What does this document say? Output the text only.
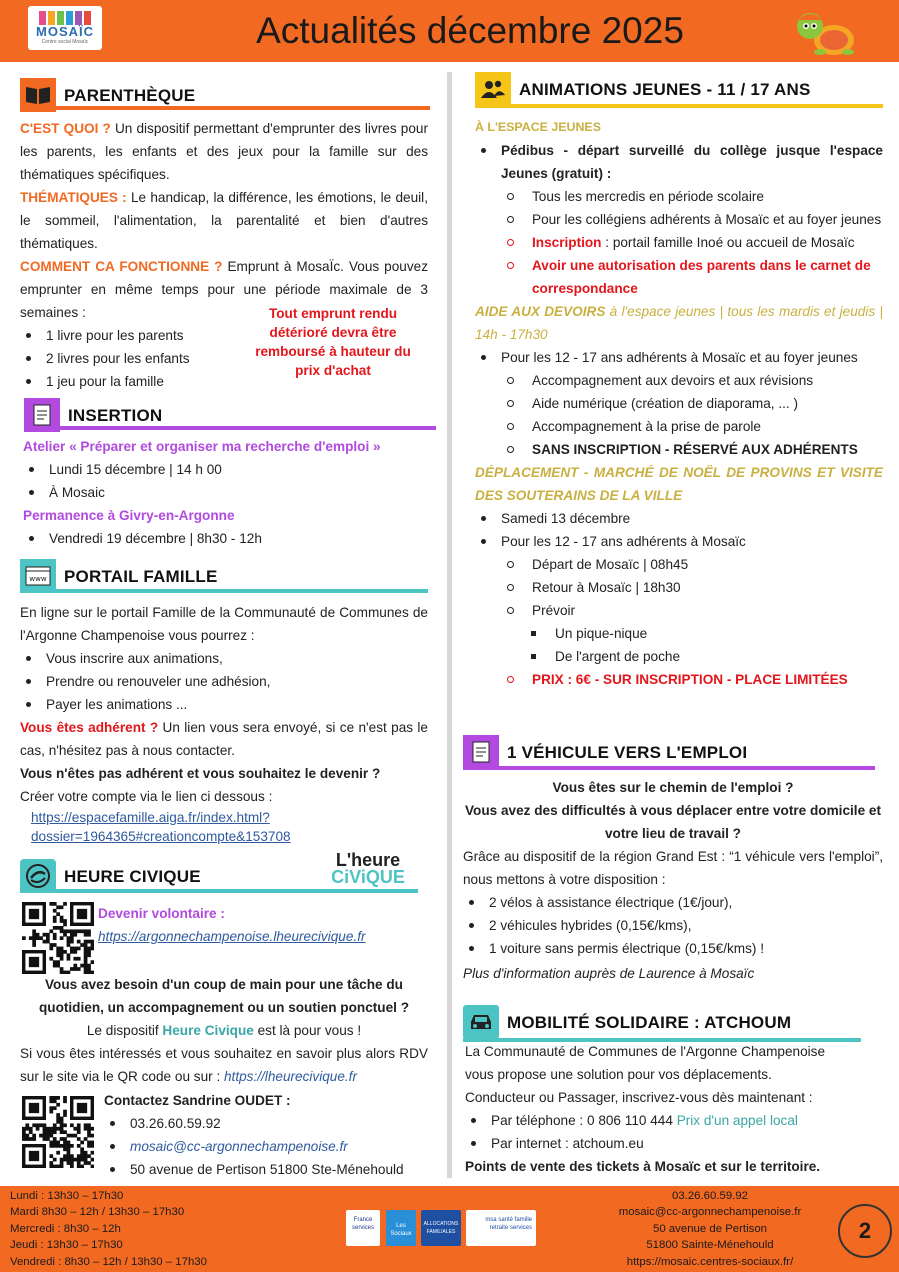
MOSAÏC
Centre social Mosaïc	Actualités décembre 2025
PARENTHÈQUE

C'EST QUOI ? Un dispositif permettant d'emprunter des livres pour les parents, les enfants et des jeux pour la famille sur des thématiques spécifiques.

THÉMATIQUES : Le handicap, la différence, les émotions, le deuil, le sommeil, l'alimentation, la parentalité et bien d'autres thématiques.

COMMENT CA FONCTIONNE ? Emprunt à MosaÏc. Vous pouvez emprunter en même temps pour une période maximale de 3 semaines :

1 livre pour les parents
2 livres pour les enfants
1 jeu pour la famille
Tout emprunt rendu détérioré devra être remboursé à hauteur du prix d'achat
INSERTION

Atelier « Préparer et organiser ma recherche d'emploi »

Lundi 15 décembre | 14 h 00
À Mosaic

Permanence à Givry-en-Argonne

Vendredi 19 décembre | 8h30 - 12h
www PORTAIL FAMILLE

En ligne sur le portail Famille de la Communauté de Communes de l'Argonne Champenoise vous pourrez :

Vous inscrire aux animations,
Prendre ou renouveler une adhésion,
Payer les animations ...

Vous êtes adhérent ? Un lien vous sera envoyé, si ce n'est pas le cas, n'hésitez pas à nous contacter.

Vous n'êtes pas adhérent et vous souhaitez le devenir ?

Créer votre compte via le lien ci dessous :

https://espacefamille.aiga.fr/index.html?
dossier=1964365#creationcompte&153708
HEURE CIVIQUE
L'heure
CiViQUE

Devenir volontaire :

https://argonnechampenoise.lheurecivique.fr

Vous avez besoin d'un coup de main pour une tâche du quotidien, un accompagnement ou un soutien ponctuel ?

Le dispositif Heure Civique est là pour vous !

Si vous êtes intéressés et vous souhaitez en savoir plus alors RDV sur le site via le QR code ou sur : https://lheurecivique.fr

Contactez Sandrine OUDET :

03.26.60.59.92
mosaic@cc-argonnechampenoise.fr
50 avenue de Pertison 51800 Ste-Ménehould
ANIMATIONS JEUNES - 11 / 17 ANS

À L'ESPACE JEUNES

Pédibus - départ surveillé du collège jusque l'espace Jeunes (gratuit) :
Tous les mercredis en période scolaire
Pour les collégiens adhérents à Mosaïc et au foyer jeunes
Inscription : portail famille Inoé ou accueil de Mosaïc
Avoir une autorisation des parents dans le carnet de correspondance

AIDE AUX DEVOIRS à l'espace jeunes | tous les mardis et jeudis | 14h - 17h30

Pour les 12 - 17 ans adhérents à Mosaïc et au foyer jeunes
Accompagnement aux devoirs et aux révisions
Aide numérique (création de diaporama, ... )
Accompagnement à la prise de parole
SANS INSCRIPTION - RÉSERVÉ AUX ADHÉRENTS

DÉPLACEMENT - MARCHÉ DE NOËL DE PROVINS ET VISITE DES SOUTERAINS DE LA VILLE

Samedi 13 décembre
Pour les 12 - 17 ans adhérents à Mosaïc
Départ de Mosaïc | 08h45
Retour à Mosaïc | 18h30
Prévoir
Un pique-nique
De l'argent de poche
PRIX : 6€ - SUR INSCRIPTION - PLACE LIMITÉES
1 VÉHICULE VERS L'EMPLOI

Vous êtes sur le chemin de l'emploi ?

Vous avez des difficultés à vous déplacer entre votre domicile et votre lieu de travail ?

Grâce au dispositif de la région Grand Est : “1 véhicule vers l'emploi”, nous mettons à votre disposition :

2 vélos à assistance électrique (1€/jour),
2 véhicules hybrides (0,15€/kms),
1 voiture sans permis électrique (0,15€/kms) !

Plus d'information auprès de Laurence à Mosaïc

MOBILITÉ SOLIDAIRE : ATCHOUM

La Communauté de Communes de l'Argonne Champenoise

vous propose une solution pour vos déplacements.

Conducteur ou Passager, inscrivez-vous dès maintenant :

Par téléphone : 0 806 110 444 Prix d'un appel local
Par internet : atchoum.eu

Points de vente des tickets à Mosaïc et sur le territoire.

Lundi : 13h30 – 17h30
Mardi 8h30 – 12h / 13h30 – 17h30
Mercredi : 8h30 – 12h
Jeudi : 13h30 – 17h30
Vendredi : 8h30 – 12h / 13h30 – 17h30
France services	Les Sociaux
ALLOCATIONS FAMILIALES
msa santé famille retraite services
03.26.60.59.92
mosaic@cc-argonnechampenoise.fr
50 avenue de Pertison
51800 Sainte-Ménehould
https://mosaic.centres-sociaux.fr/
2
